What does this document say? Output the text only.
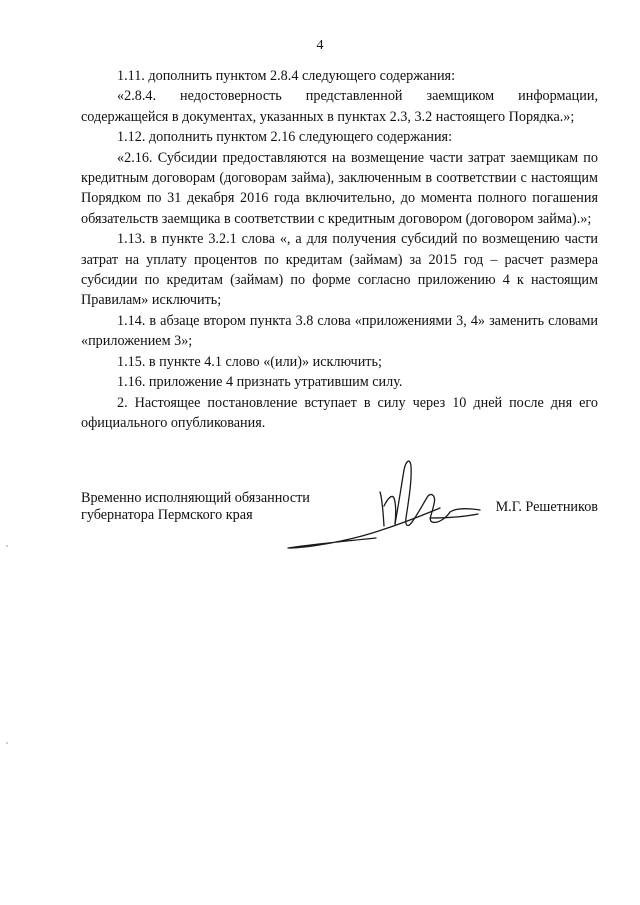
4

1.11. дополнить пунктом 2.8.4 следующего содержания:

«2.8.4. недостоверность представленной заемщиком информации, содержащейся в документах, указанных в пунктах 2.3, 3.2 настоящего Порядка.»;

1.12. дополнить пунктом 2.16 следующего содержания:

«2.16. Субсидии предоставляются на возмещение части затрат заемщикам по кредитным договорам (договорам займа), заключенным в соответствии с настоящим Порядком по 31 декабря 2016 года включительно, до момента полного погашения обязательств заемщика в соответствии с кредитным договором (договором займа).»;

1.13. в пункте 3.2.1 слова «, а для получения субсидий по возмещению части затрат на уплату процентов по кредитам (займам) за 2015 год – расчет размера субсидии по кредитам (займам) по форме согласно приложению 4 к настоящим Правилам» исключить;

1.14. в абзаце втором пункта 3.8 слова «приложениями 3, 4» заменить словами «приложением 3»;

1.15. в пункте 4.1 слово «(или)» исключить;

1.16. приложение 4 признать утратившим силу.

2. Настоящее постановление вступает в силу через 10 дней после дня его официального опубликования.

Временно исполняющий обязанности
губернатора Пермского края	М.Г. Решетников
